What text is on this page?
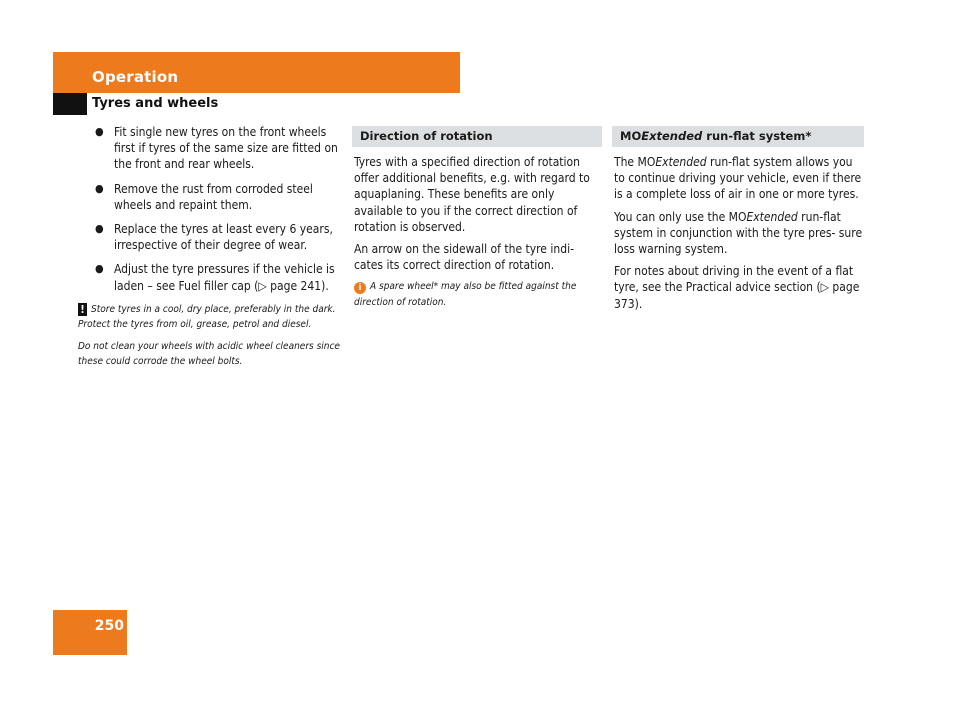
Operation
Tyres and wheels
● Fit single new tyres on the front wheels first if tyres of the same size are fitted on the front and rear wheels.
● Remove the rust from corroded steel wheels and repaint them.
● Replace the tyres at least every 6 years, irrespective of their degree of wear.
● Adjust the tyre pressures if the vehicle is laden – see Fuel filler cap (▷ page 241).
! Store tyres in a cool, dry place, preferably in the dark. Protect the tyres from oil, grease, petrol and diesel.
Do not clean your wheels with acidic wheel cleaners since these could corrode the wheel bolts.
Direction of rotation

Tyres with a specified direction of rotation offer additional benefits, e.g. with regard to aquaplaning. These benefits are only available to you if the correct direction of rotation is observed.

An arrow on the sidewall of the tyre indi- cates its correct direction of rotation.

i A spare wheel* may also be fitted against the direction of rotation.
MOExtended run-flat system*

The MOExtended run-flat system allows you to continue driving your vehicle, even if there is a complete loss of air in one or more tyres.

You can only use the MOExtended run-flat system in conjunction with the tyre pres- sure loss warning system.

For notes about driving in the event of a flat tyre, see the Practical advice section (▷ page 373).

250
